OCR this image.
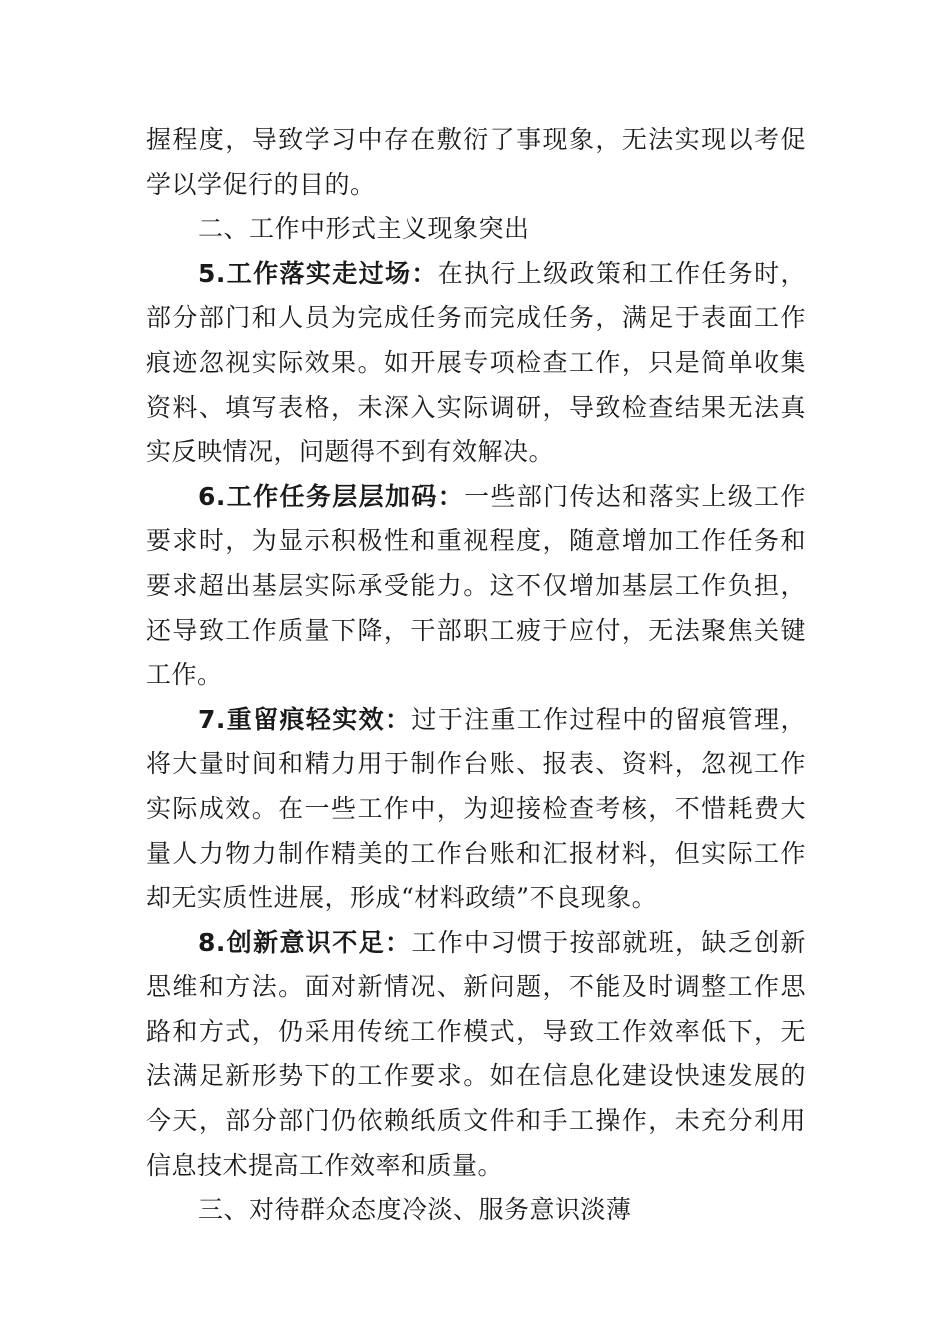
握程度，导致学习中存在敷衍了事现象，无法实现以考促学以学促行的目的。

二、工作中形式主义现象突出

5.工作落实走过场：在执行上级政策和工作任务时，部分部门和人员为完成任务而完成任务，满足于表面工作痕迹忽视实际效果。如开展专项检查工作，只是简单收集资料、填写表格，未深入实际调研，导致检查结果无法真实反映情况，问题得不到有效解决。

6.工作任务层层加码：一些部门传达和落实上级工作要求时，为显示积极性和重视程度，随意增加工作任务和要求超出基层实际承受能力。这不仅增加基层工作负担，还导致工作质量下降，干部职工疲于应付，无法聚焦关键工作。

7.重留痕轻实效：过于注重工作过程中的留痕管理，将大量时间和精力用于制作台账、报表、资料，忽视工作实际成效。在一些工作中，为迎接检查考核，不惜耗费大量人力物力制作精美的工作台账和汇报材料，但实际工作却无实质性进展，形成“材料政绩”不良现象。

8.创新意识不足：工作中习惯于按部就班，缺乏创新思维和方法。面对新情况、新问题，不能及时调整工作思路和方式，仍采用传统工作模式，导致工作效率低下，无法满足新形势下的工作要求。如在信息化建设快速发展的今天，部分部门仍依赖纸质文件和手工操作，未充分利用信息技术提高工作效率和质量。

三、对待群众态度冷淡、服务意识淡薄
